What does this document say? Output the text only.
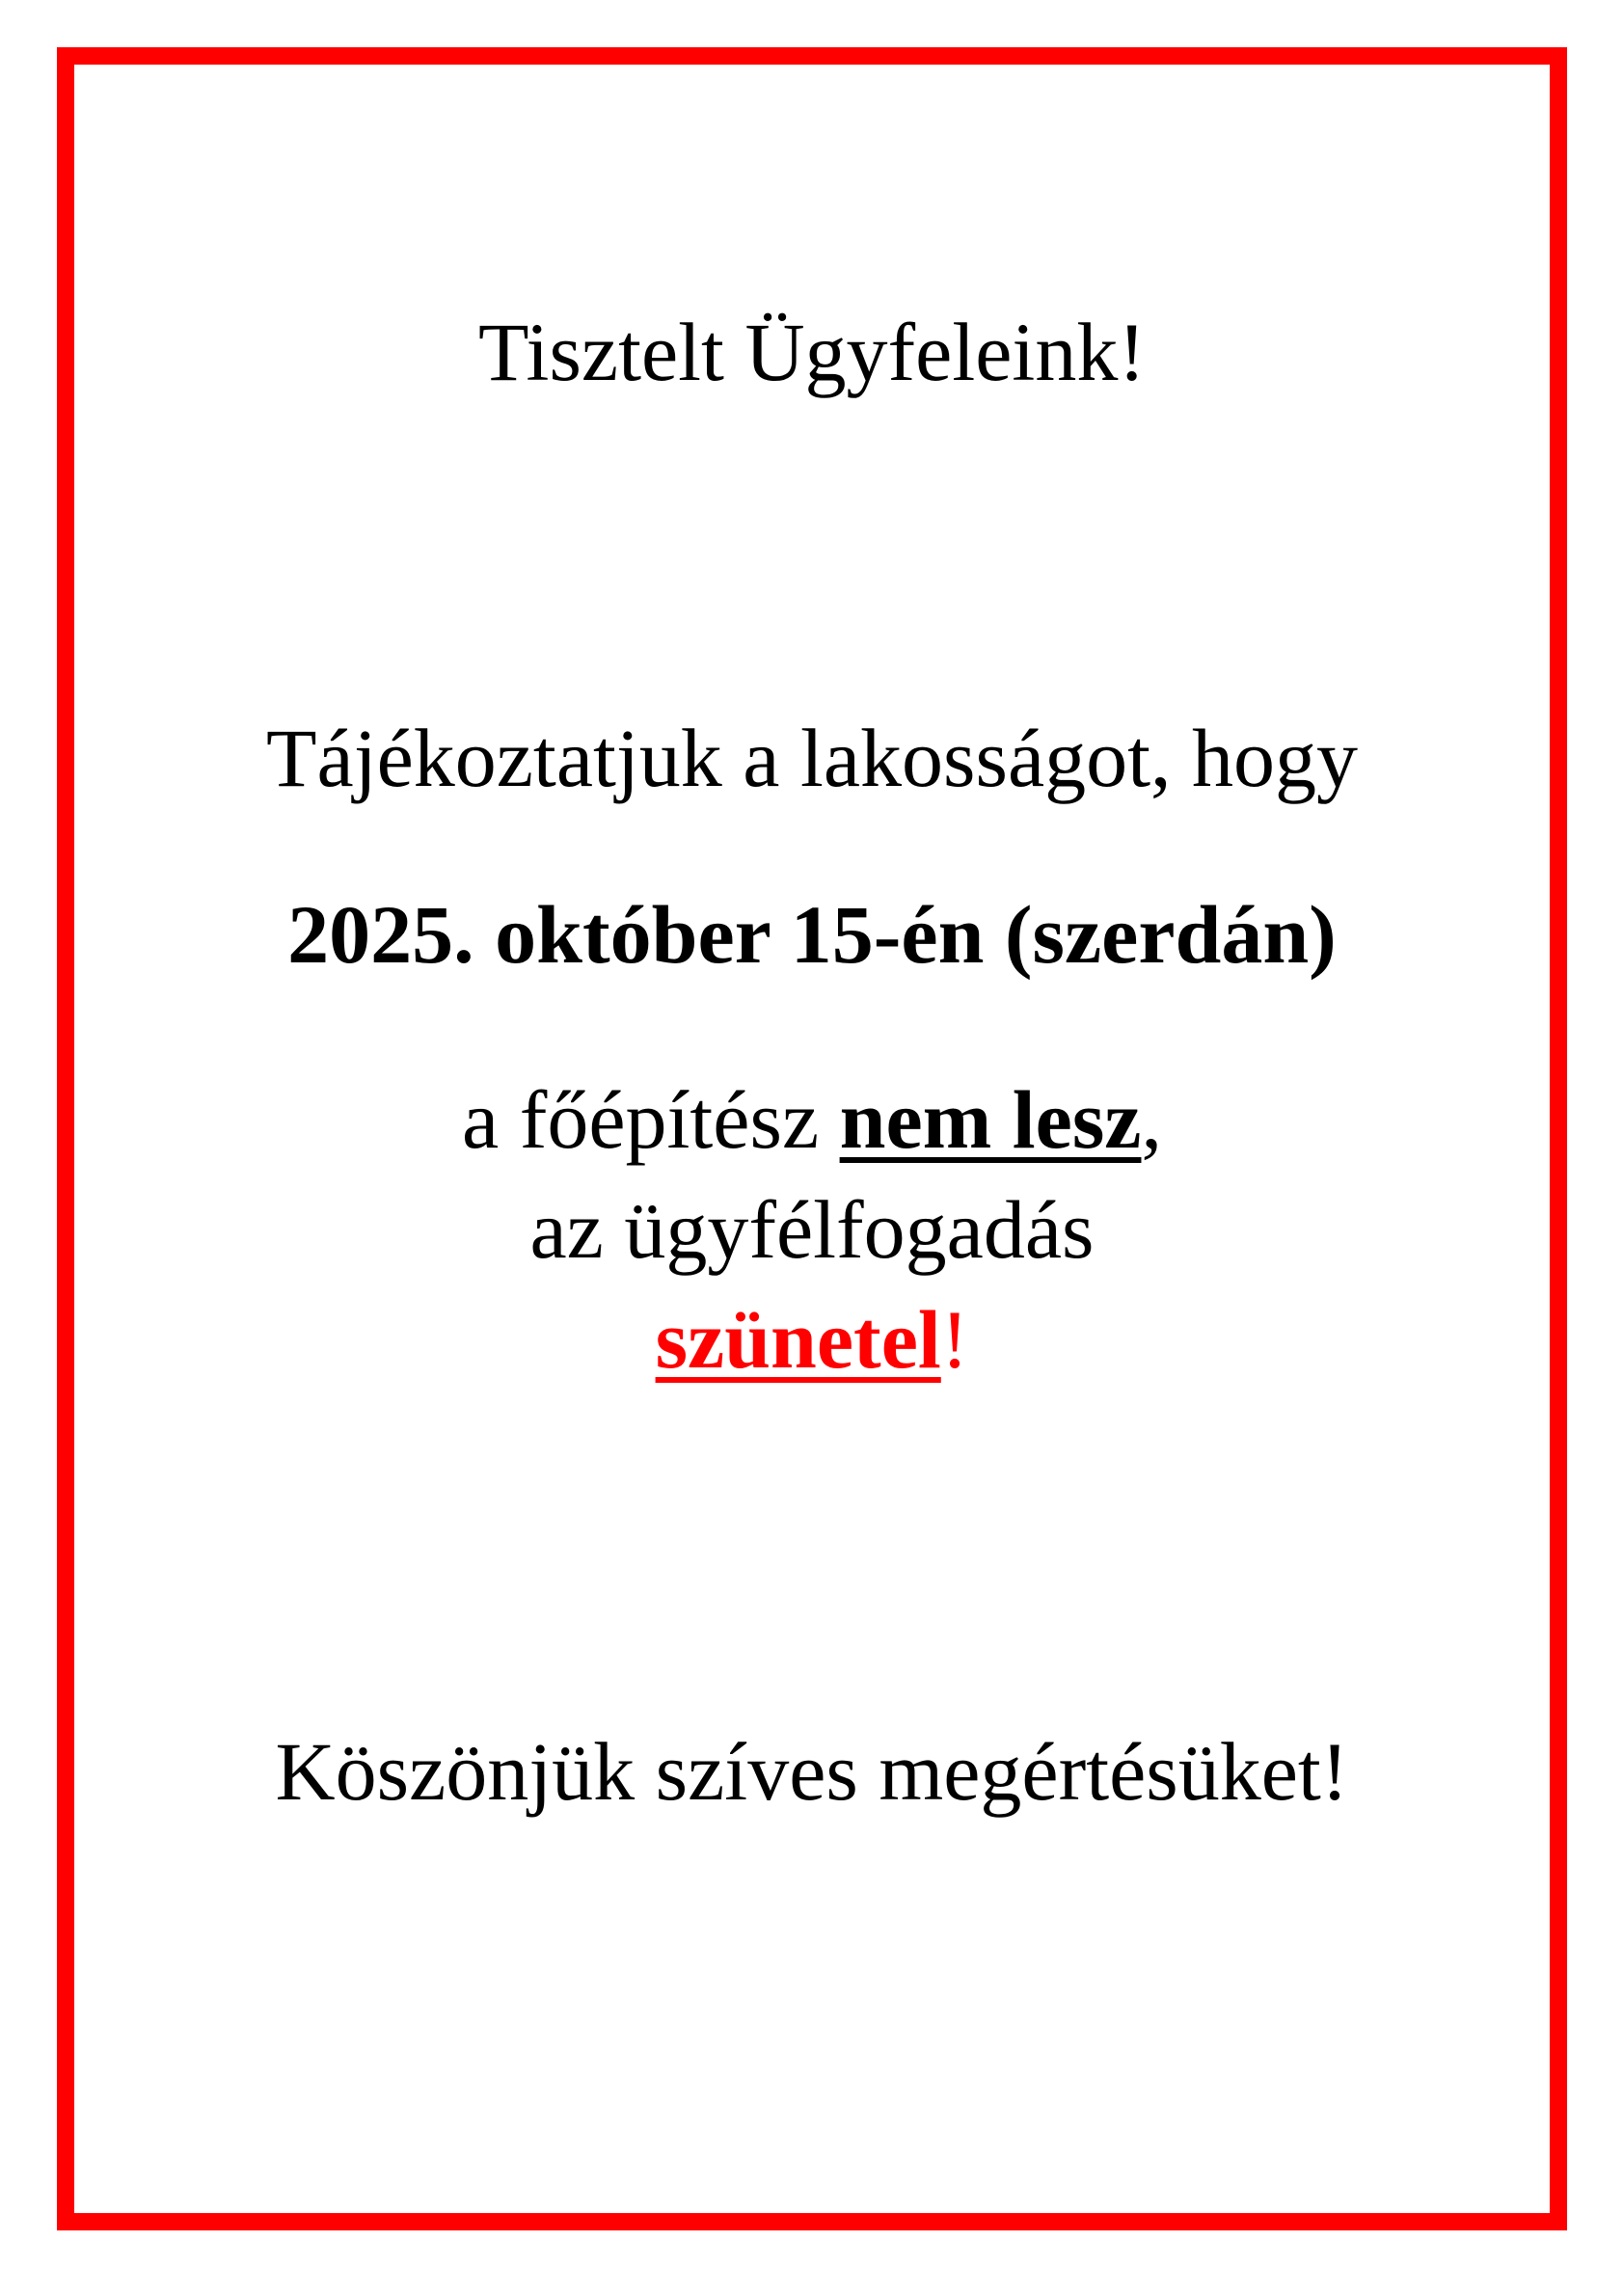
Tisztelt Ügyfeleink!
Tájékoztatjuk a lakosságot, hogy
2025. október 15-én (szerdán)
a főépítész nem lesz,
az ügyfélfogadás
szünetel!
Köszönjük szíves megértésüket!
